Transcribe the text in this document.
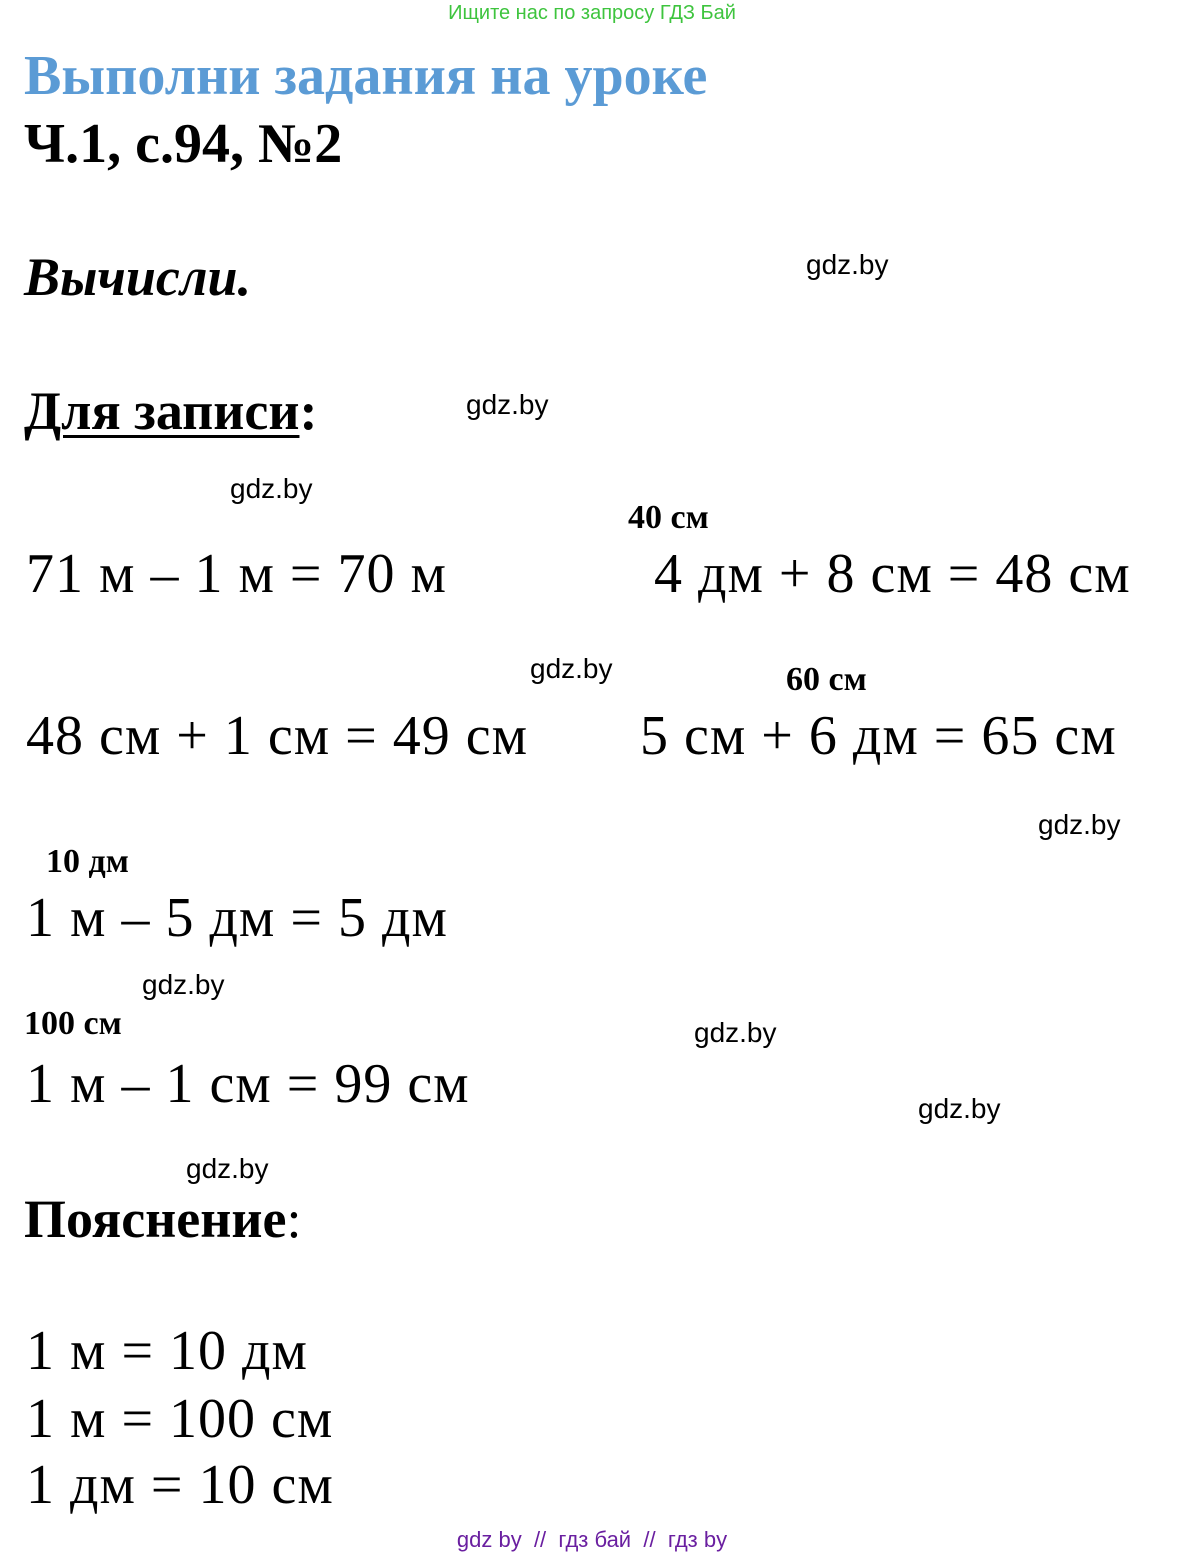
Ищите нас по запросу ГДЗ Бай
Выполни задания на уроке
Ч.1, с.94, №2
Вычисли.
Для записи:
71 м – 1 м = 70 м
40 см
4 дм + 8 см = 48 см
48 см + 1 см = 49 см
60 см
5 см + 6 дм = 65 см
10 дм
1 м – 5 дм = 5 дм
100 см
1 м – 1 см = 99 см
Пояснение:
1 м = 10 дм
1 м = 100 см
1 дм = 10 см
gdz.by
gdz.by
gdz.by
gdz.by
gdz.by
gdz.by
gdz.by
gdz.by
gdz.by
gdz by // гдз бай // гдз by
